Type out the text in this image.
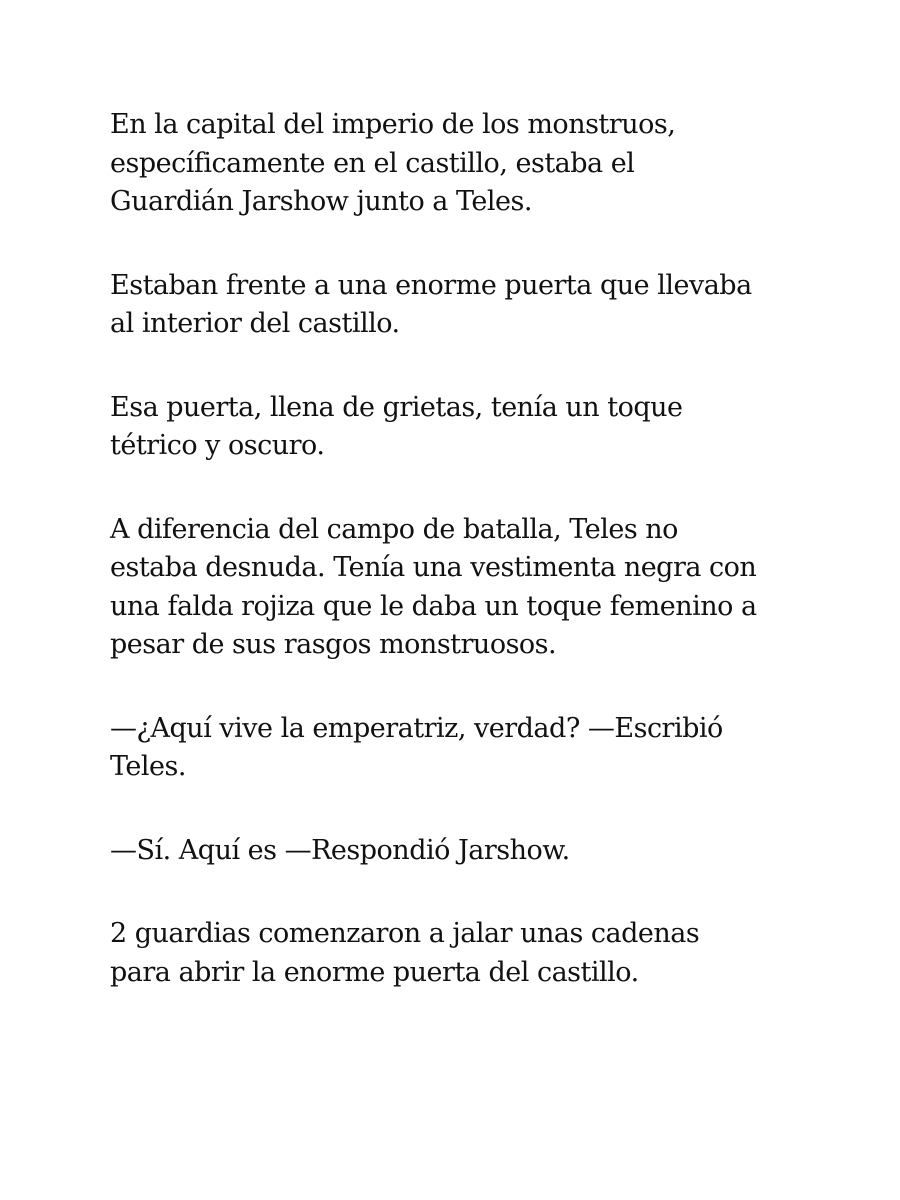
En la capital del imperio de los monstruos,
específicamente en el castillo, estaba el
Guardián Jarshow junto a Teles.

Estaban frente a una enorme puerta que llevaba
al interior del castillo.

Esa puerta, llena de grietas, tenía un toque
tétrico y oscuro.

A diferencia del campo de batalla, Teles no
estaba desnuda. Tenía una vestimenta negra con
una falda rojiza que le daba un toque femenino a
pesar de sus rasgos monstruosos.

—¿Aquí vive la emperatriz, verdad? —Escribió
Teles.

—Sí. Aquí es —Respondió Jarshow.

2 guardias comenzaron a jalar unas cadenas
para abrir la enorme puerta del castillo.
